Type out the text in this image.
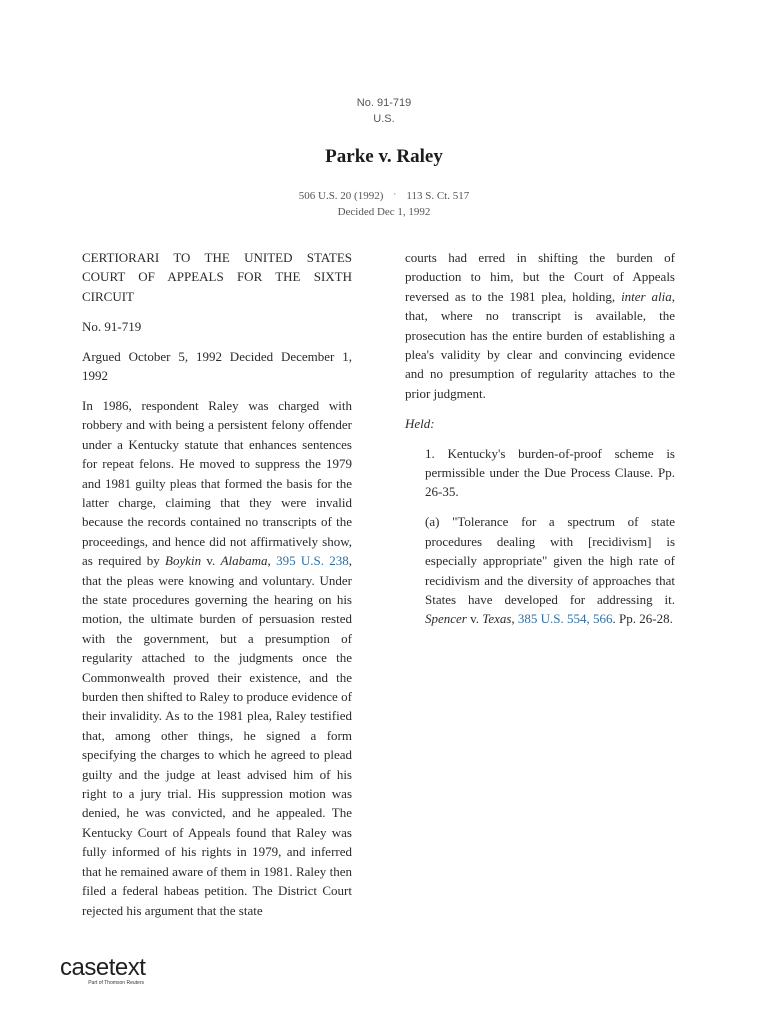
No. 91-719
U.S.
Parke v. Raley
506 U.S. 20 (1992) · 113 S. Ct. 517
Decided Dec 1, 1992

CERTIORARI TO THE UNITED STATES COURT OF APPEALS FOR THE SIXTH CIRCUIT

No. 91-719

Argued October 5, 1992 Decided December 1, 1992

In 1986, respondent Raley was charged with robbery and with being a persistent felony offender under a Kentucky statute that enhances sentences for repeat felons. He moved to suppress the 1979 and 1981 guilty pleas that formed the basis for the latter charge, claiming that they were invalid because the records contained no transcripts of the proceedings, and hence did not affirmatively show, as required by Boykin v. Alabama, 395 U.S. 238, that the pleas were knowing and voluntary. Under the state procedures governing the hearing on his motion, the ultimate burden of persuasion rested with the government, but a presumption of regularity attached to the judgments once the Commonwealth proved their existence, and the burden then shifted to Raley to produce evidence of their invalidity. As to the 1981 plea, Raley testified that, among other things, he signed a form specifying the charges to which he agreed to plead guilty and the judge at least advised him of his right to a jury trial. His suppression motion was denied, he was convicted, and he appealed. The Kentucky Court of Appeals found that Raley was fully informed of his rights in 1979, and inferred that he remained aware of them in 1981. Raley then filed a federal habeas petition. The District Court rejected his argument that the state

courts had erred in shifting the burden of production to him, but the Court of Appeals reversed as to the 1981 plea, holding, inter alia, that, where no transcript is available, the prosecution has the entire burden of establishing a plea's validity by clear and convincing evidence and no presumption of regularity attaches to the prior judgment.

Held:

1. Kentucky's burden-of-proof scheme is permissible under the Due Process Clause. Pp. 26-35.

(a) "Tolerance for a spectrum of state procedures dealing with [recidivism] is especially appropriate" given the high rate of recidivism and the diversity of approaches that States have developed for addressing it. Spencer v. Texas, 385 U.S. 554, 566. Pp. 26-28.

casetext
Part of Thomson Reuters
